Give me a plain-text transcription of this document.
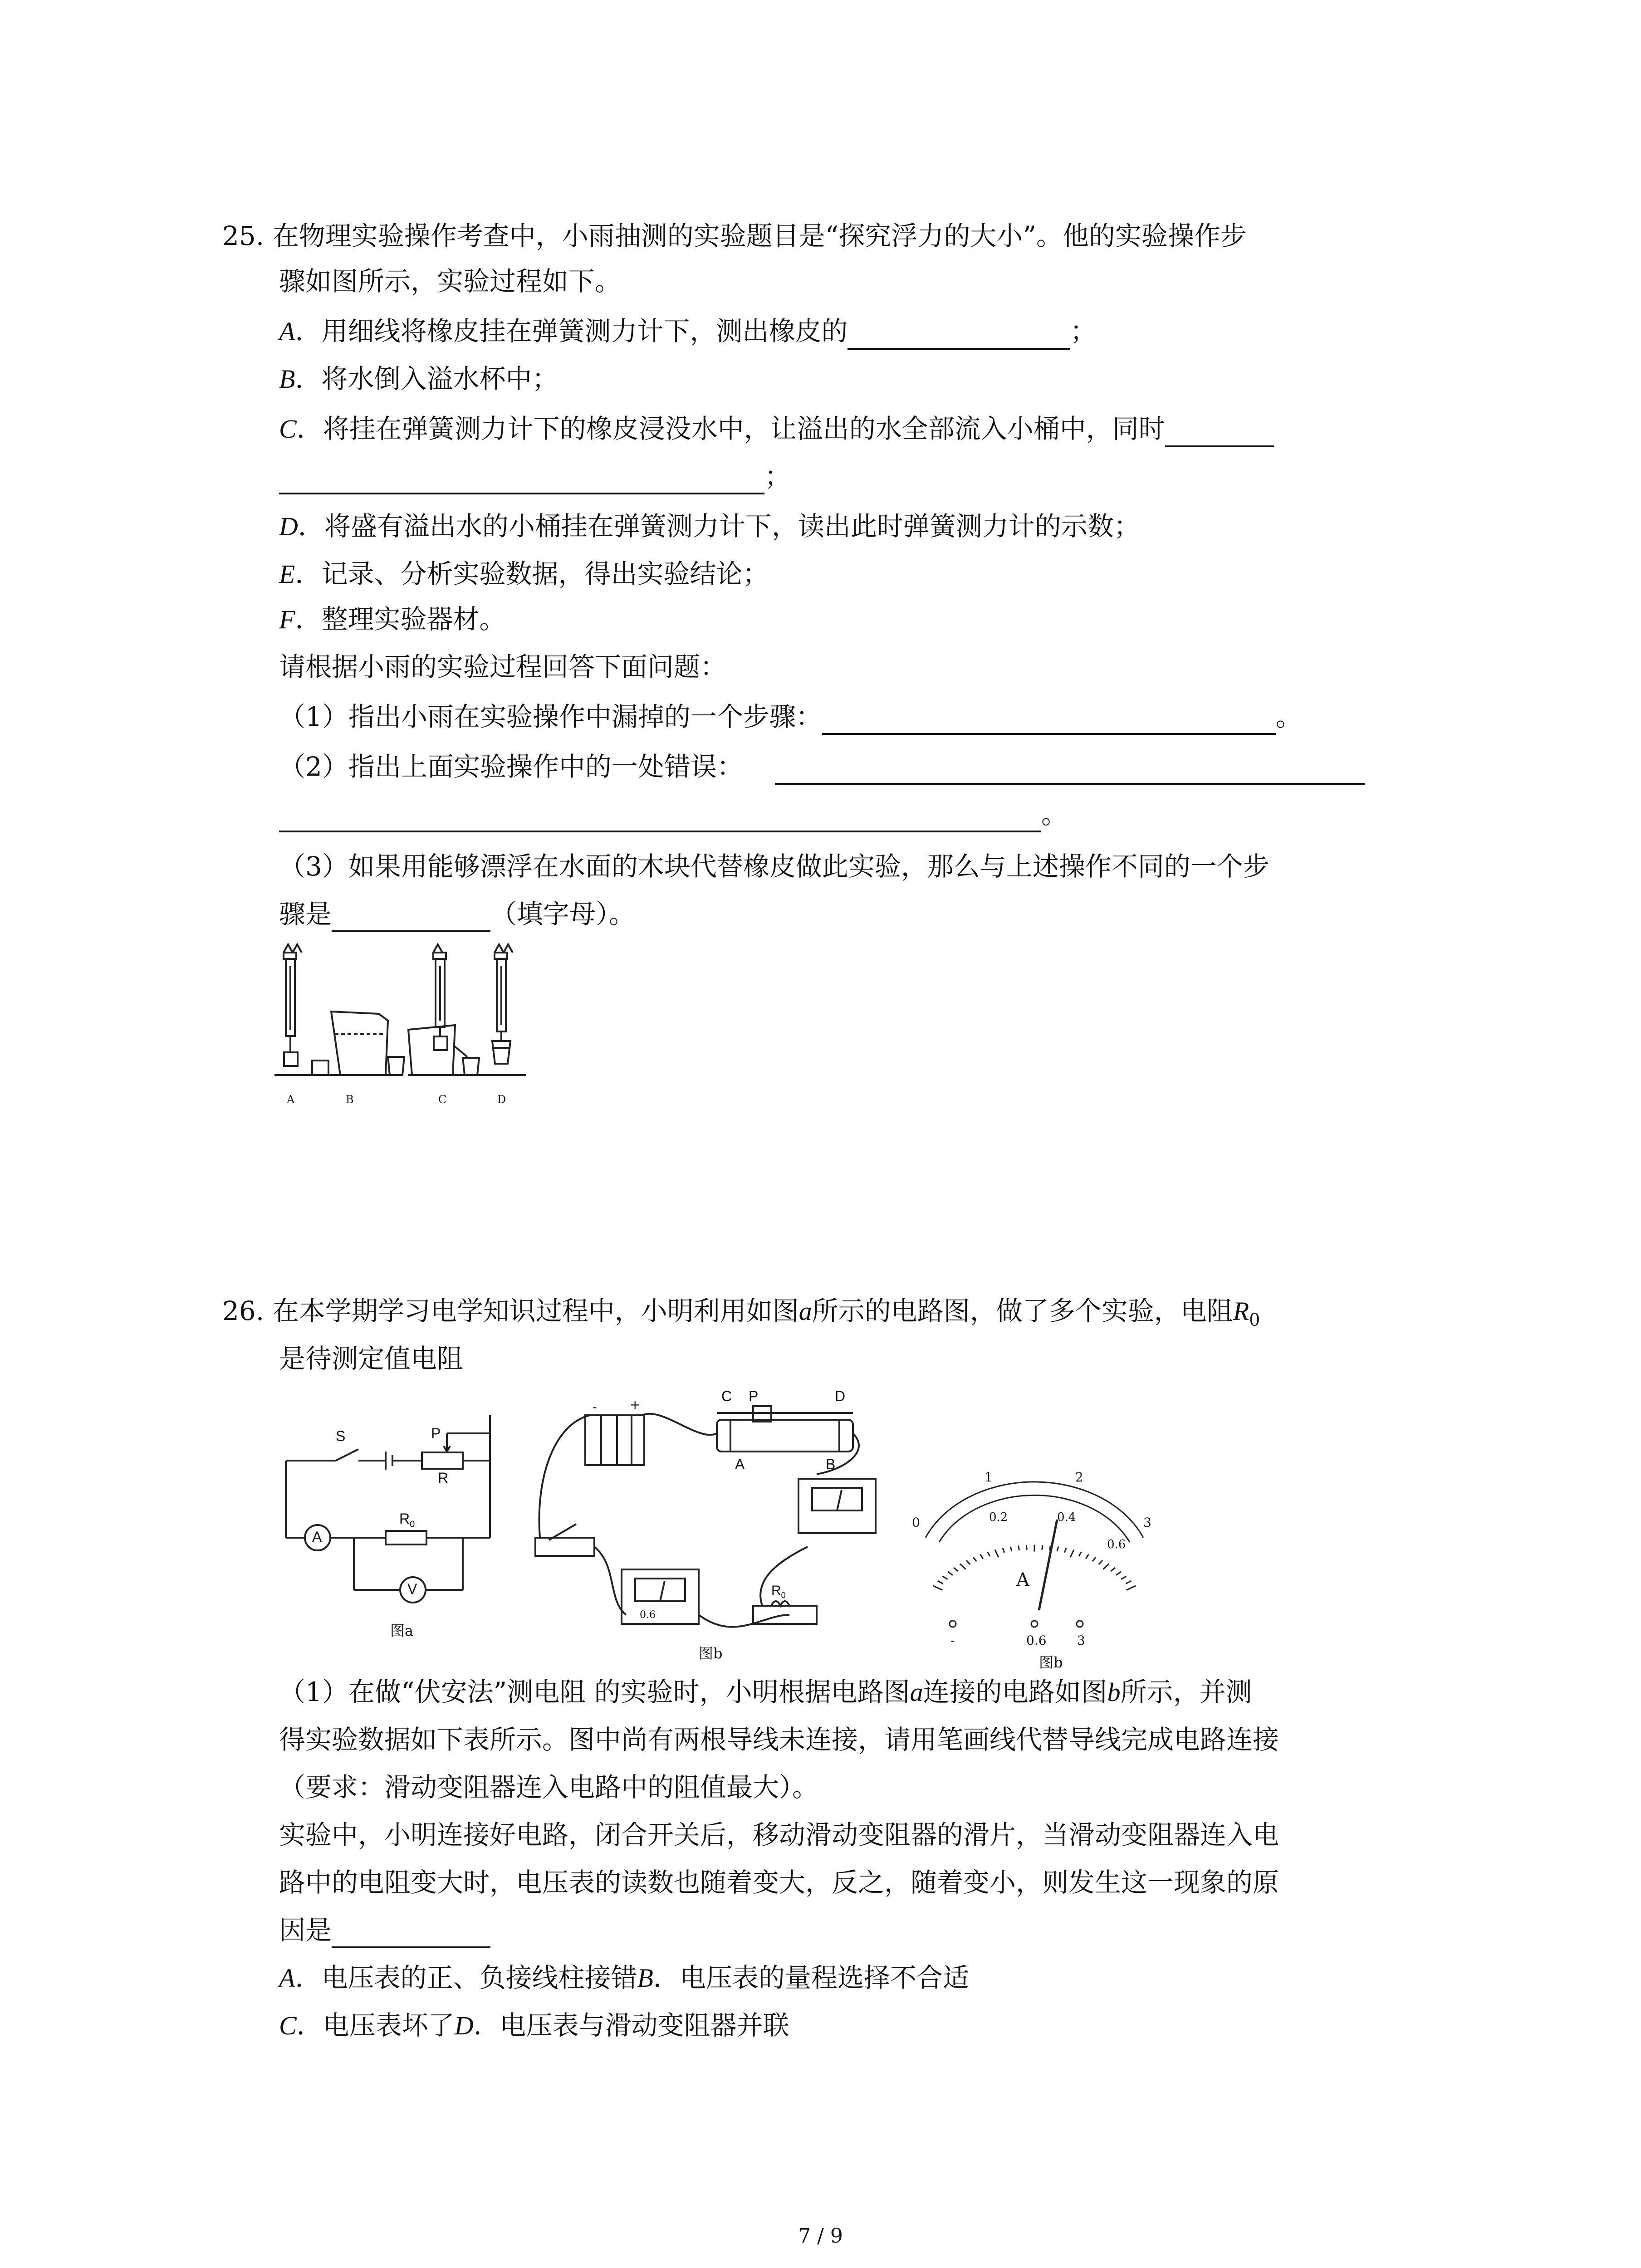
25. 在物理实验操作考查中，小雨抽测的实验题目是“探究浮力的大小”。他的实验操作步
骤如图所示，实验过程如下。
A．用细线将橡皮挂在弹簧测力计下，测出橡皮的	；
B．将水倒入溢水杯中；
C．将挂在弹簧测力计下的橡皮浸没水中，让溢出的水全部流入小桶中，同时
；
D．将盛有溢出水的小桶挂在弹簧测力计下，读出此时弹簧测力计的示数；
E．记录、分析实验数据，得出实验结论；
F．整理实验器材。
请根据小雨的实验过程回答下面问题：
（1）指出小雨在实验操作中漏掉的一个步骤：	。
（2）指出上面实验操作中的一处错误：
。
（3）如果用能够漂浮在水面的木块代替橡皮做此实验，那么与上述操作不同的一个步
骤是	（填字母）。
A	B	C	D
26. 在本学期学习电学知识过程中，小明利用如图a所示的电路图，做了多个实验，电阻$R_0$
是待测定值电阻
S	P
R
A
$R_0$
V
图a
+
-
C P	D
A	B
0.6
$R_0$
图b
1	2
0	3
0.2	0.4
0.6
A
-	0.6 3
图b
（1）在做“伏安法”测电阻 的实验时，小明根据电路图a连接的电路如图b所示，并测
得实验数据如下表所示。图中尚有两根导线未连接，请用笔画线代替导线完成电路连接
（要求：滑动变阻器连入电路中的阻值最大）。
实验中，小明连接好电路，闭合开关后，移动滑动变阻器的滑片，当滑动变阻器连入电
路中的电阻变大时，电压表的读数也随着变大，反之，随着变小，则发生这一现象的原
因是
A．电压表的正、负接线柱接错B．电压表的量程选择不合适
C．电压表坏了D．电压表与滑动变阻器并联
7 / 9
